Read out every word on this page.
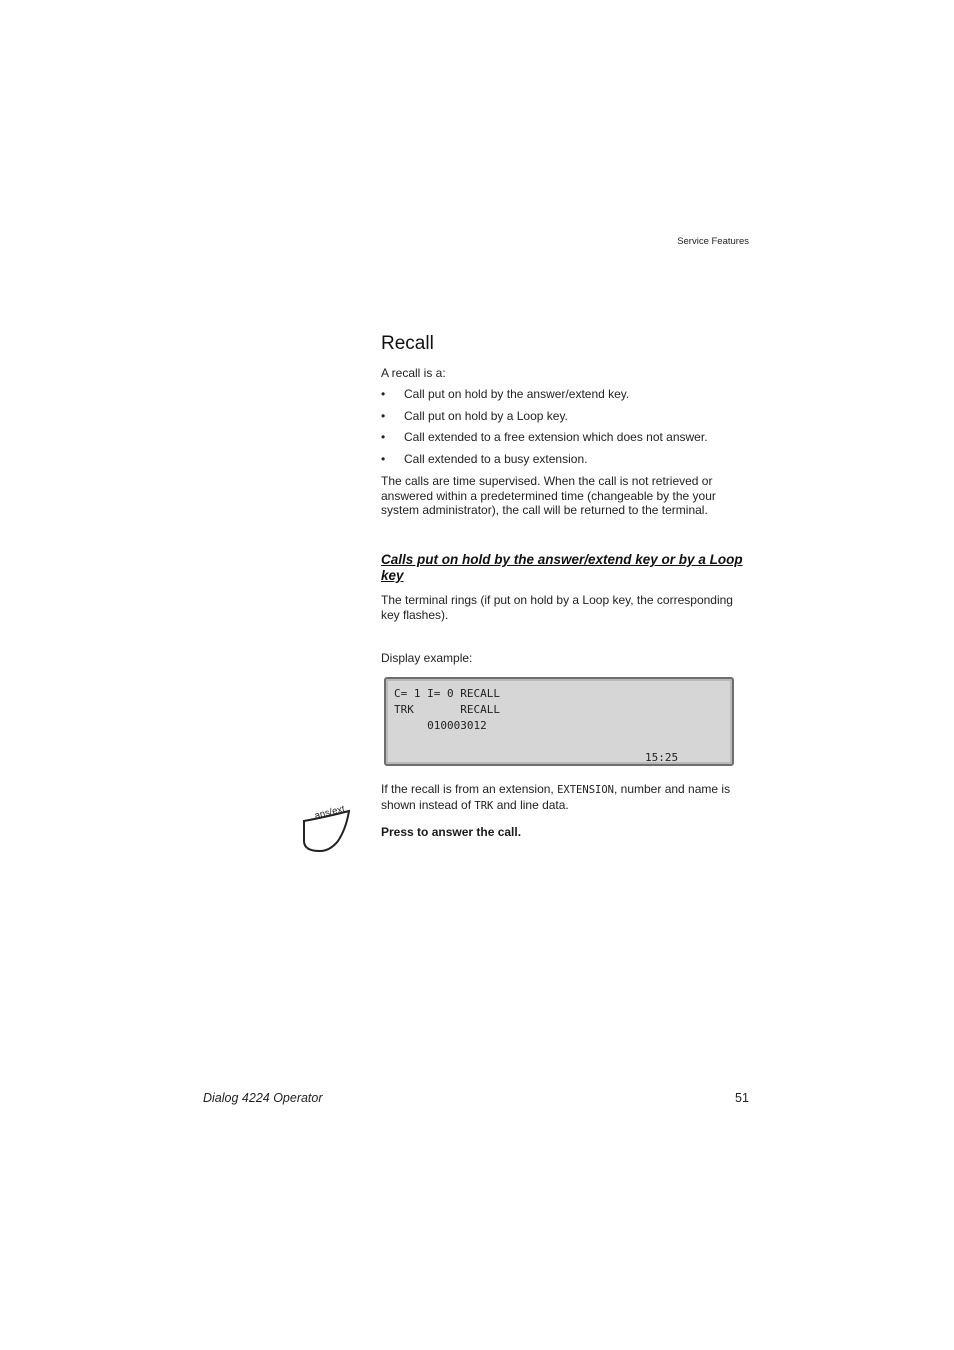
Service Features
Recall
A recall is a:
• Call put on hold by the answer/extend key.
• Call put on hold by a Loop key.
• Call extended to a free extension which does not answer.
• Call extended to a busy extension.
The calls are time supervised. When the call is not retrieved or answered within a predetermined time (changeable by the your system administrator), the call will be returned to the terminal.
Calls put on hold by the answer/extend key or by a Loop key
The terminal rings (if put on hold by a Loop key, the corresponding key flashes).
Display example:
C= 1 I= 0 RECALL
TRK       RECALL
010003012
15:25
If the recall is from an extension, EXTENSION, number and name is shown instead of TRK and line data.
ans/ext
Press to answer the call.
Dialog 4224 Operator	51
